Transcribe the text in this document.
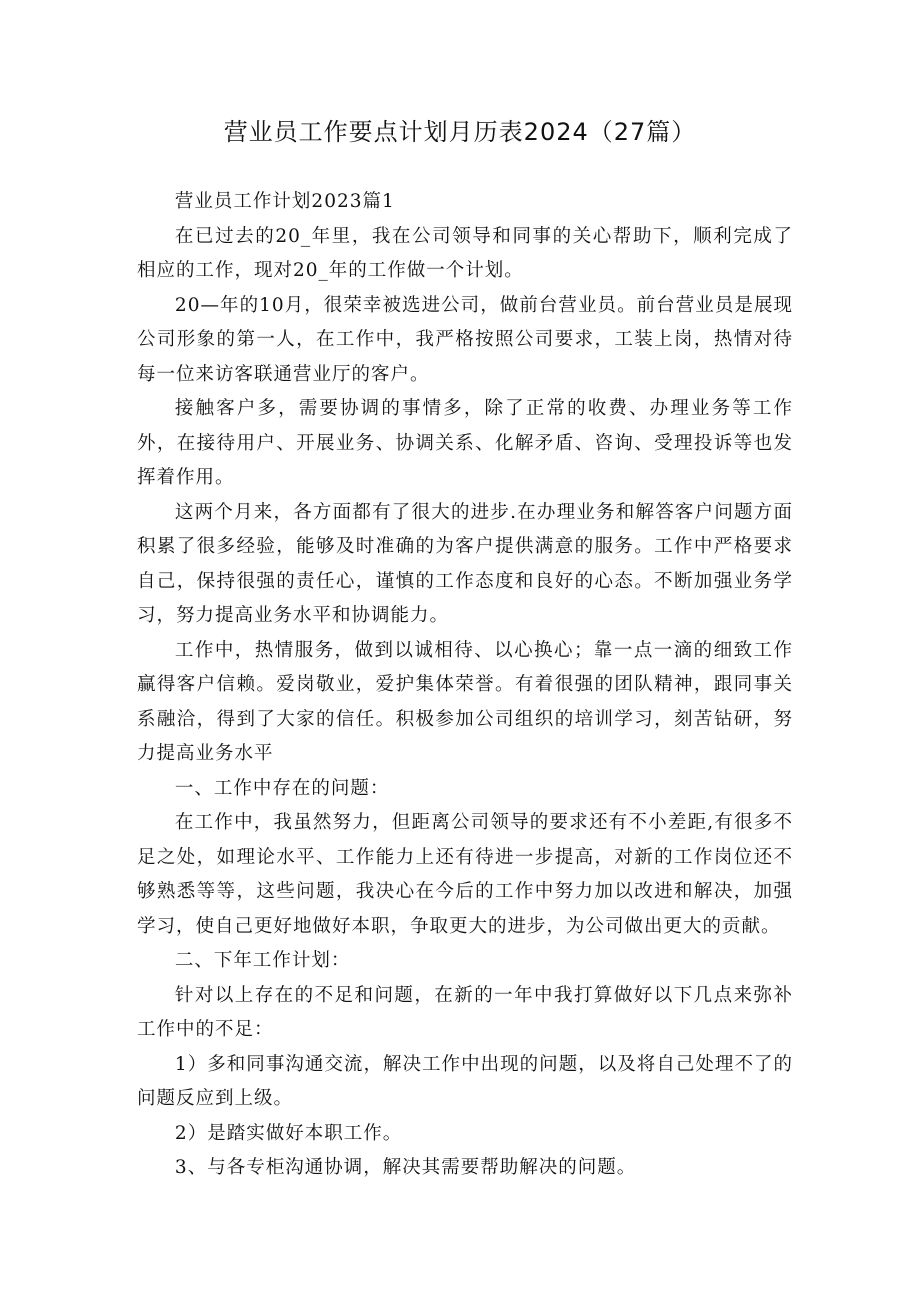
营业员工作要点计划月历表2024（27篇）

营业员工作计划2023篇1

在已过去的20_年里，我在公司领导和同事的关心帮助下，顺利完成了相应的工作，现对20_年的工作做一个计划。

20—年的10月，很荣幸被选进公司，做前台营业员。前台营业员是展现公司形象的第一人，在工作中，我严格按照公司要求，工装上岗，热情对待每一位来访客联通营业厅的客户。

接触客户多，需要协调的事情多，除了正常的收费、办理业务等工作外，在接待用户、开展业务、协调关系、化解矛盾、咨询、受理投诉等也发挥着作用。

这两个月来，各方面都有了很大的进步.在办理业务和解答客户问题方面积累了很多经验，能够及时准确的为客户提供满意的服务。工作中严格要求自己，保持很强的责任心，谨慎的工作态度和良好的心态。不断加强业务学习，努力提高业务水平和协调能力。

工作中，热情服务，做到以诚相待、以心换心；靠一点一滴的细致工作赢得客户信赖。爱岗敬业，爱护集体荣誉。有着很强的团队精神，跟同事关系融洽，得到了大家的信任。积极参加公司组织的培训学习，刻苦钻研，努力提高业务水平

一、工作中存在的问题：

在工作中，我虽然努力，但距离公司领导的要求还有不小差距,有很多不足之处，如理论水平、工作能力上还有待进一步提高，对新的工作岗位还不够熟悉等等，这些问题，我决心在今后的工作中努力加以改进和解决，加强学习，使自己更好地做好本职，争取更大的进步，为公司做出更大的贡献。

二、下年工作计划：

针对以上存在的不足和问题，在新的一年中我打算做好以下几点来弥补工作中的不足：

1）多和同事沟通交流，解决工作中出现的问题，以及将自己处理不了的问题反应到上级。

2）是踏实做好本职工作。

3、与各专柜沟通协调，解决其需要帮助解决的问题。
